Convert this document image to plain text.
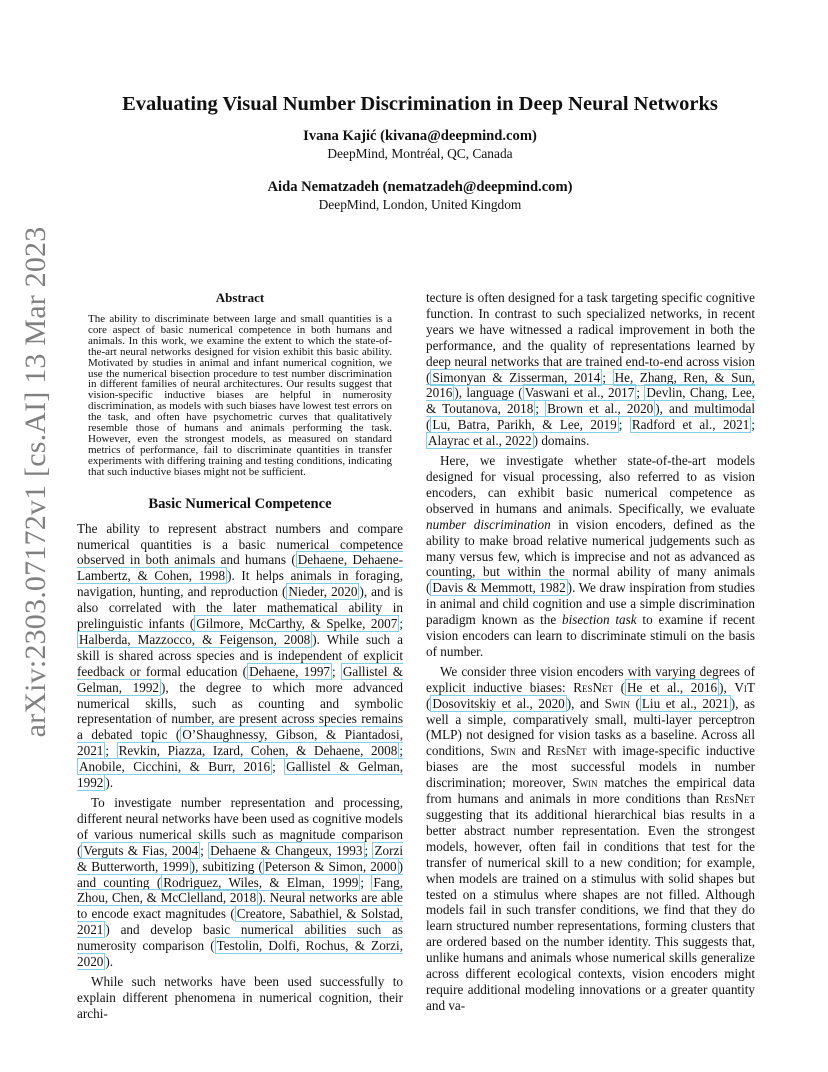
arXiv:2303.07172v1 [cs.AI] 13 Mar 2023
Evaluating Visual Number Discrimination in Deep Neural Networks
Ivana Kajić (kivana@deepmind.com)
DeepMind, Montréal, QC, Canada
Aida Nematzadeh (nematzadeh@deepmind.com)
DeepMind, London, United Kingdom
Abstract
The ability to discriminate between large and small quantities is a core aspect of basic numerical competence in both humans and animals. In this work, we examine the extent to which the state-of-the-art neural networks designed for vision exhibit this basic ability. Motivated by studies in animal and infant numerical cognition, we use the numerical bisection procedure to test number discrimination in different families of neural architectures. Our results suggest that vision-specific inductive biases are helpful in numerosity discrimination, as models with such biases have lowest test errors on the task, and often have psychometric curves that qualitatively resemble those of humans and animals performing the task. However, even the strongest models, as measured on standard metrics of performance, fail to discriminate quantities in transfer experiments with differing training and testing conditions, indicating that such inductive biases might not be sufficient.
Basic Numerical Competence

The ability to represent abstract numbers and compare numerical quantities is a basic numerical competence observed in both animals and humans ( Dehaene, Dehaene-Lambertz, & Cohen, 1998 ). It helps animals in foraging, navigation, hunting, and reproduction ( Nieder, 2020 ), and is also correlated with the later mathematical ability in prelinguistic infants ( Gilmore, McCarthy, & Spelke, 2007 ; Halberda, Mazzocco, & Feigenson, 2008 ). While such a skill is shared across species and is independent of explicit feedback or formal education ( Dehaene, 1997 ; Gallistel & Gelman, 1992 ), the degree to which more advanced numerical skills, such as counting and symbolic representation of number, are present across species remains a debated topic ( O’Shaughnessy, Gibson, & Piantadosi, 2021 ; Revkin, Piazza, Izard, Cohen, & Dehaene, 2008 ; Anobile, Cicchini, & Burr, 2016 ; Gallistel & Gelman, 1992 ).

To investigate number representation and processing, different neural networks have been used as cognitive models of various numerical skills such as magnitude comparison ( Verguts & Fias, 2004 ; Dehaene & Changeux, 1993 ; Zorzi & Butterworth, 1999 ), subitizing ( Peterson & Simon, 2000 ) and counting ( Rodriguez, Wiles, & Elman, 1999 ; Fang, Zhou, Chen, & McClelland, 2018 ). Neural networks are able to encode exact magnitudes ( Creatore, Sabathiel, & Solstad, 2021 ) and develop basic numerical abilities such as numerosity comparison ( Testolin, Dolfi, Rochus, & Zorzi, 2020 ).

While such networks have been used successfully to explain different phenomena in numerical cognition, their archi-

tecture is often designed for a task targeting specific cognitive function. In contrast to such specialized networks, in recent years we have witnessed a radical improvement in both the performance, and the quality of representations learned by deep neural networks that are trained end-to-end across vision ( Simonyan & Zisserman, 2014 ; He, Zhang, Ren, & Sun, 2016 ), language ( Vaswani et al., 2017 ; Devlin, Chang, Lee, & Toutanova, 2018 ; Brown et al., 2020 ), and multimodal ( Lu, Batra, Parikh, & Lee, 2019 ; Radford et al., 2021 ; Alayrac et al., 2022 ) domains.

Here, we investigate whether state-of-the-art models designed for visual processing, also referred to as vision encoders, can exhibit basic numerical competence as observed in humans and animals. Specifically, we evaluate number discrimination in vision encoders, defined as the ability to make broad relative numerical judgements such as many versus few, which is imprecise and not as advanced as counting, but within the normal ability of many animals ( Davis & Memmott, 1982 ). We draw inspiration from studies in animal and child cognition and use a simple discrimination paradigm known as the bisection task to examine if recent vision encoders can learn to discriminate stimuli on the basis of number.

We consider three vision encoders with varying degrees of explicit inductive biases: ResNet ( He et al., 2016 ), ViT ( Dosovitskiy et al., 2020 ), and Swin ( Liu et al., 2021 ), as well a simple, comparatively small, multi-layer perceptron (MLP) not designed for vision tasks as a baseline. Across all conditions, Swin and ResNet with image-specific inductive biases are the most successful models in number discrimination; moreover, Swin matches the empirical data from humans and animals in more conditions than ResNet suggesting that its additional hierarchical bias results in a better abstract number representation. Even the strongest models, however, often fail in conditions that test for the transfer of numerical skill to a new condition; for example, when models are trained on a stimulus with solid shapes but tested on a stimulus where shapes are not filled. Although models fail in such transfer conditions, we find that they do learn structured number representations, forming clusters that are ordered based on the number identity. This suggests that, unlike humans and animals whose numerical skills generalize across different ecological contexts, vision encoders might require additional modeling innovations or a greater quantity and va-
